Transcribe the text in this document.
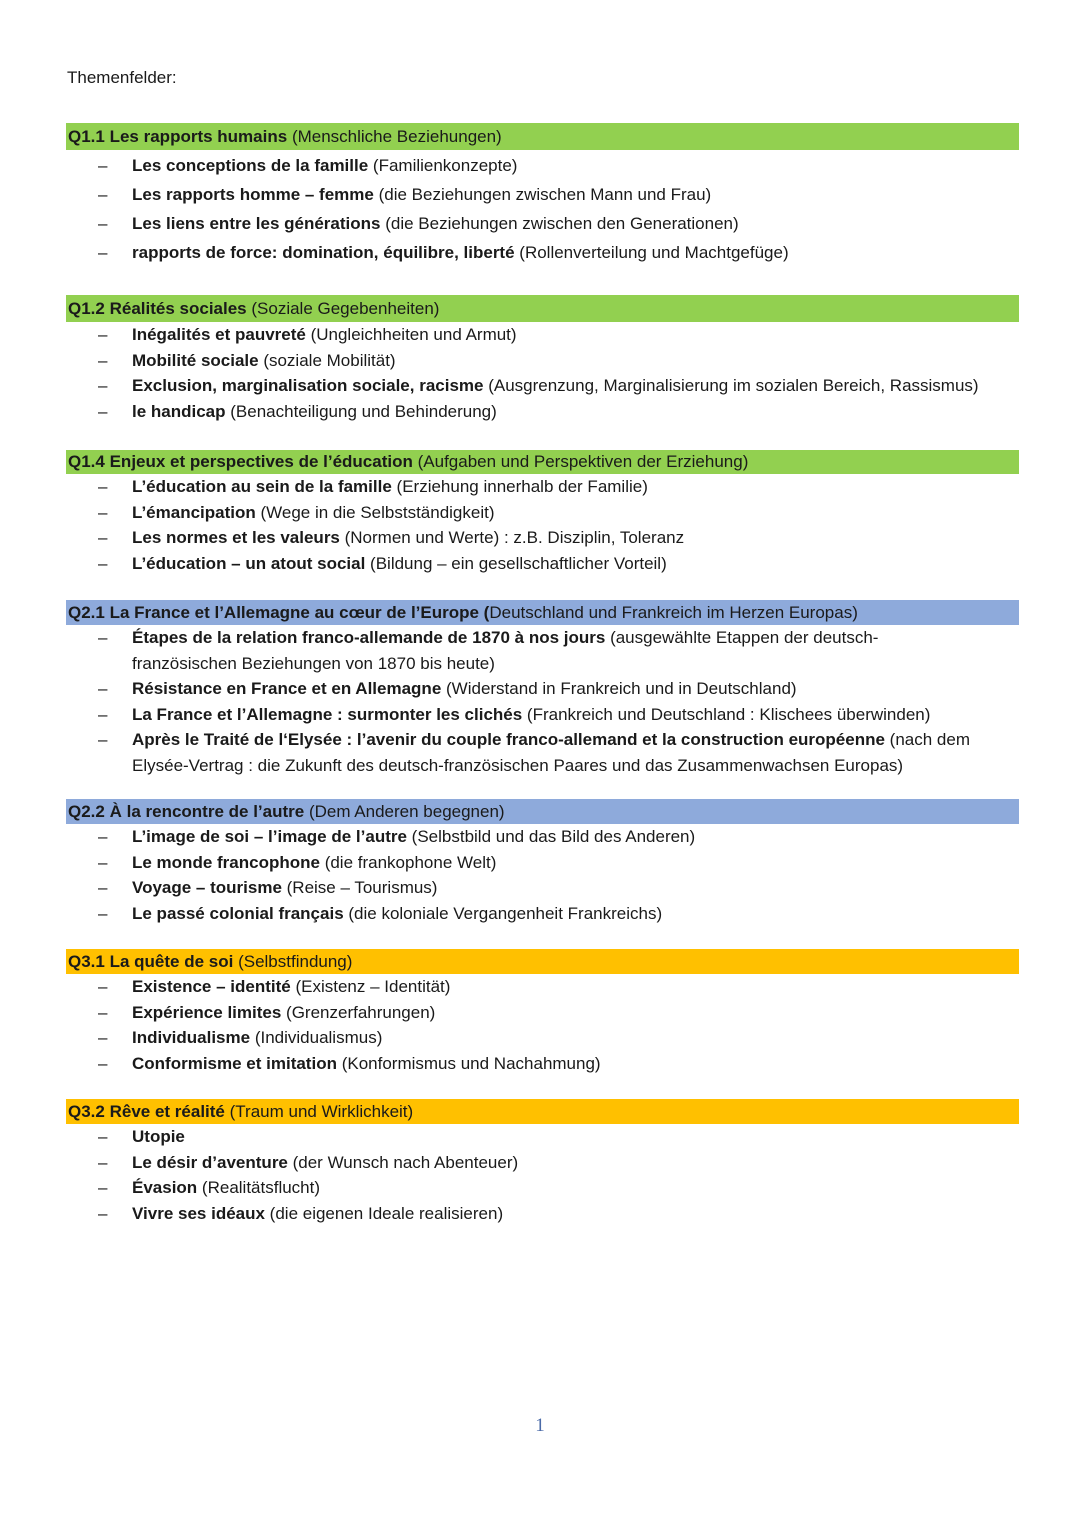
Themenfelder:
Q1.1 Les rapports humains (Menschliche Beziehungen)
– Les conceptions de la famille (Familienkonzepte)
– Les rapports homme – femme (die Beziehungen zwischen Mann und Frau)
– Les liens entre les générations (die Beziehungen zwischen den Generationen)
– rapports de force: domination, équilibre, liberté (Rollenverteilung und Machtgefüge)
Q1.2 Réalités sociales (Soziale Gegebenheiten)
– Inégalités et pauvreté (Ungleichheiten und Armut)
– Mobilité sociale (soziale Mobilität)
– Exclusion, marginalisation sociale, racisme (Ausgrenzung, Marginalisierung im sozialen Bereich, Rassismus)
– le handicap (Benachteiligung und Behinderung)
Q1.4 Enjeux et perspectives de l’éducation (Aufgaben und Perspektiven der Erziehung)
– L’éducation au sein de la famille (Erziehung innerhalb der Familie)
– L’émancipation (Wege in die Selbstständigkeit)
– Les normes et les valeurs (Normen und Werte) : z.B. Disziplin, Toleranz
– L’éducation – un atout social (Bildung – ein gesellschaftlicher Vorteil)
Q2.1 La France et l’Allemagne au cœur de l’Europe (Deutschland und Frankreich im Herzen Europas)
– Étapes de la relation franco-allemande de 1870 à nos jours (ausgewählte Etappen der deutsch-französischen Beziehungen von 1870 bis heute)
– Résistance en France et en Allemagne (Widerstand in Frankreich und in Deutschland)
– La France et l’Allemagne : surmonter les clichés (Frankreich und Deutschland : Klischees überwinden)
– Après le Traité de l‘Elysée : l’avenir du couple franco-allemand et la construction européenne (nach dem Elysée-Vertrag : die Zukunft des deutsch-französischen Paares und das Zusammenwachsen Europas)
Q2.2 À la rencontre de l’autre (Dem Anderen begegnen)
– L’image de soi – l’image de l’autre (Selbstbild und das Bild des Anderen)
– Le monde francophone (die frankophone Welt)
– Voyage – tourisme (Reise – Tourismus)
– Le passé colonial français (die koloniale Vergangenheit Frankreichs)
Q3.1 La quête de soi (Selbstfindung)
– Existence – identité (Existenz – Identität)
– Expérience limites (Grenzerfahrungen)
– Individualisme (Individualismus)
– Conformisme et imitation (Konformismus und Nachahmung)
Q3.2 Rêve et réalité (Traum und Wirklichkeit)
– Utopie
– Le désir d’aventure (der Wunsch nach Abenteuer)
– Évasion (Realitätsflucht)
– Vivre ses idéaux (die eigenen Ideale realisieren)
1
